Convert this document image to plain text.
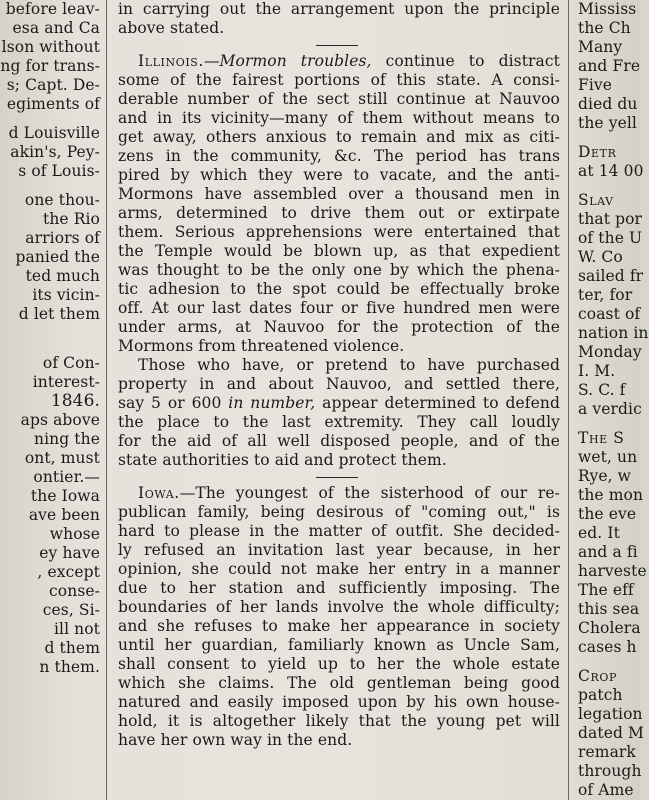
before leav-
esa and Ca
lson without
ng for trans-
s; Capt. De-
egiments of
d Louisville
akin's, Pey-
s of Louis-
one thou-
the Rio
arriors of
panied the
ted much
its vicin-
d let them
of Con-
interest-
1846.
aps above
ning the
ont, must
ontier.—
the Iowa
ave been
whose
ey have
, except
conse-
ces, Si-
ill not
d them
n them.
in carrying out the arrangement upon the principle
above stated.
Illinois.—Mormon troubles, continue to distract
some of the fairest portions of this state. A consi-
derable number of the sect still continue at Nauvoo
and in its vicinity—many of them without means to
get away, others anxious to remain and mix as citi-
zens in the community, &c. The period has trans
pired by which they were to vacate, and the anti-
Mormons have assembled over a thousand men in
arms, determined to drive them out or extirpate
them. Serious apprehensions were entertained that
the Temple would be blown up, as that expedient
was thought to be the only one by which the phena-
tic adhesion to the spot could be effectually broke
off. At our last dates four or five hundred men were
under arms, at Nauvoo for the protection of the
Mormons from threatened violence.
Those who have, or pretend to have purchased
property in and about Nauvoo, and settled there,
say 5 or 600 in number, appear determined to defend
the place to the last extremity. They call loudly
for the aid of all well disposed people, and of the
state authorities to aid and protect them.
Iowa.—The youngest of the sisterhood of our re-
publican family, being desirous of "coming out," is
hard to please in the matter of outfit. She decided-
ly refused an invitation last year because, in her
opinion, she could not make her entry in a manner
due to her station and sufficiently imposing. The
boundaries of her lands involve the whole difficulty;
and she refuses to make her appearance in society
until her guardian, familiarly known as Uncle Sam,
shall consent to yield up to her the whole estate
which she claims. The old gentleman being good
natured and easily imposed upon by his own house-
hold, it is altogether likely that the young pet will
have her own way in the end.
Mississ
the Ch
Many
and Fre
Five
died du
the yell
Detr
at 14 00
Slav
that por
of the U
W. Co
sailed fr
ter, for
coast of
nation in
Monday
I. M.
S. C. f
a verdic
The S
wet, un
Rye, w
the mon
the eve
ed. It
and a fi
harveste
The eff
this sea
Cholera
cases h
Crop
patch
legation
dated M
remark
through
of Ame
